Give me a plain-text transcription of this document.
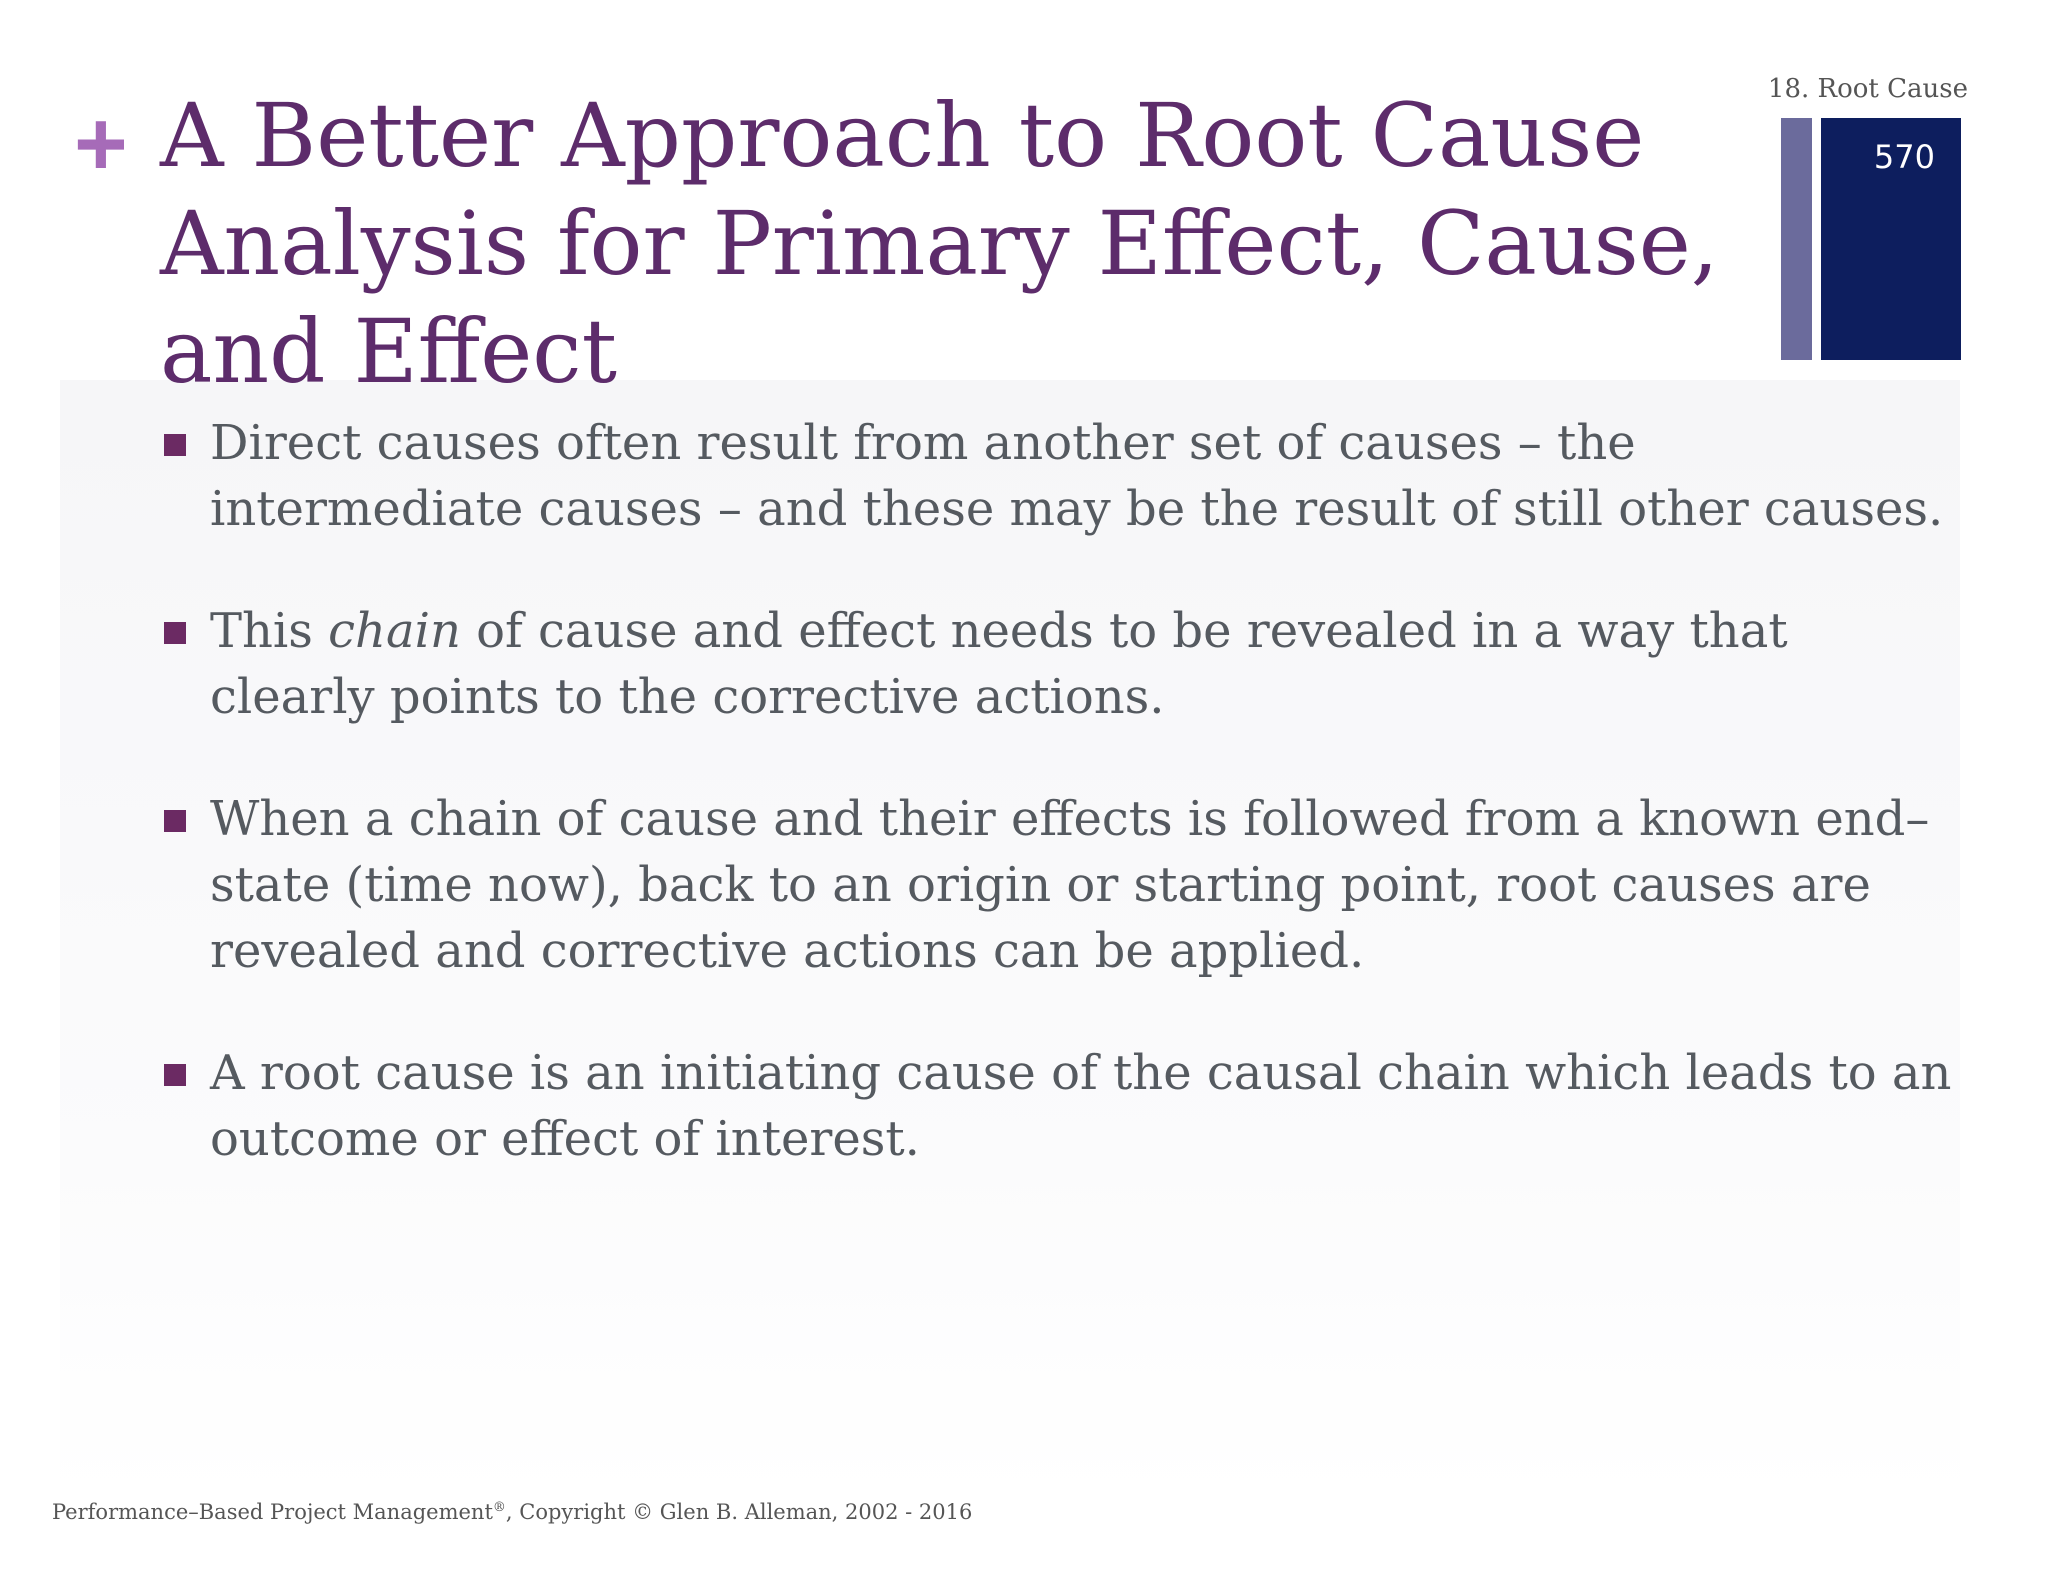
+ A Better Approach to Root Cause Analysis for Primary Effect, Cause, and Effect
18. Root Cause
570
Direct causes often result from another set of causes – the intermediate causes – and these may be the result of still other causes.
This chain of cause and effect needs to be revealed in a way that clearly points to the corrective actions.
When a chain of cause and their effects is followed from a known end–state (time now), back to an origin or starting point, root causes are revealed and corrective actions can be applied.
A root cause is an initiating cause of the causal chain which leads to an outcome or effect of interest.
Performance–Based Project Management®, Copyright © Glen B. Alleman, 2002 - 2016
